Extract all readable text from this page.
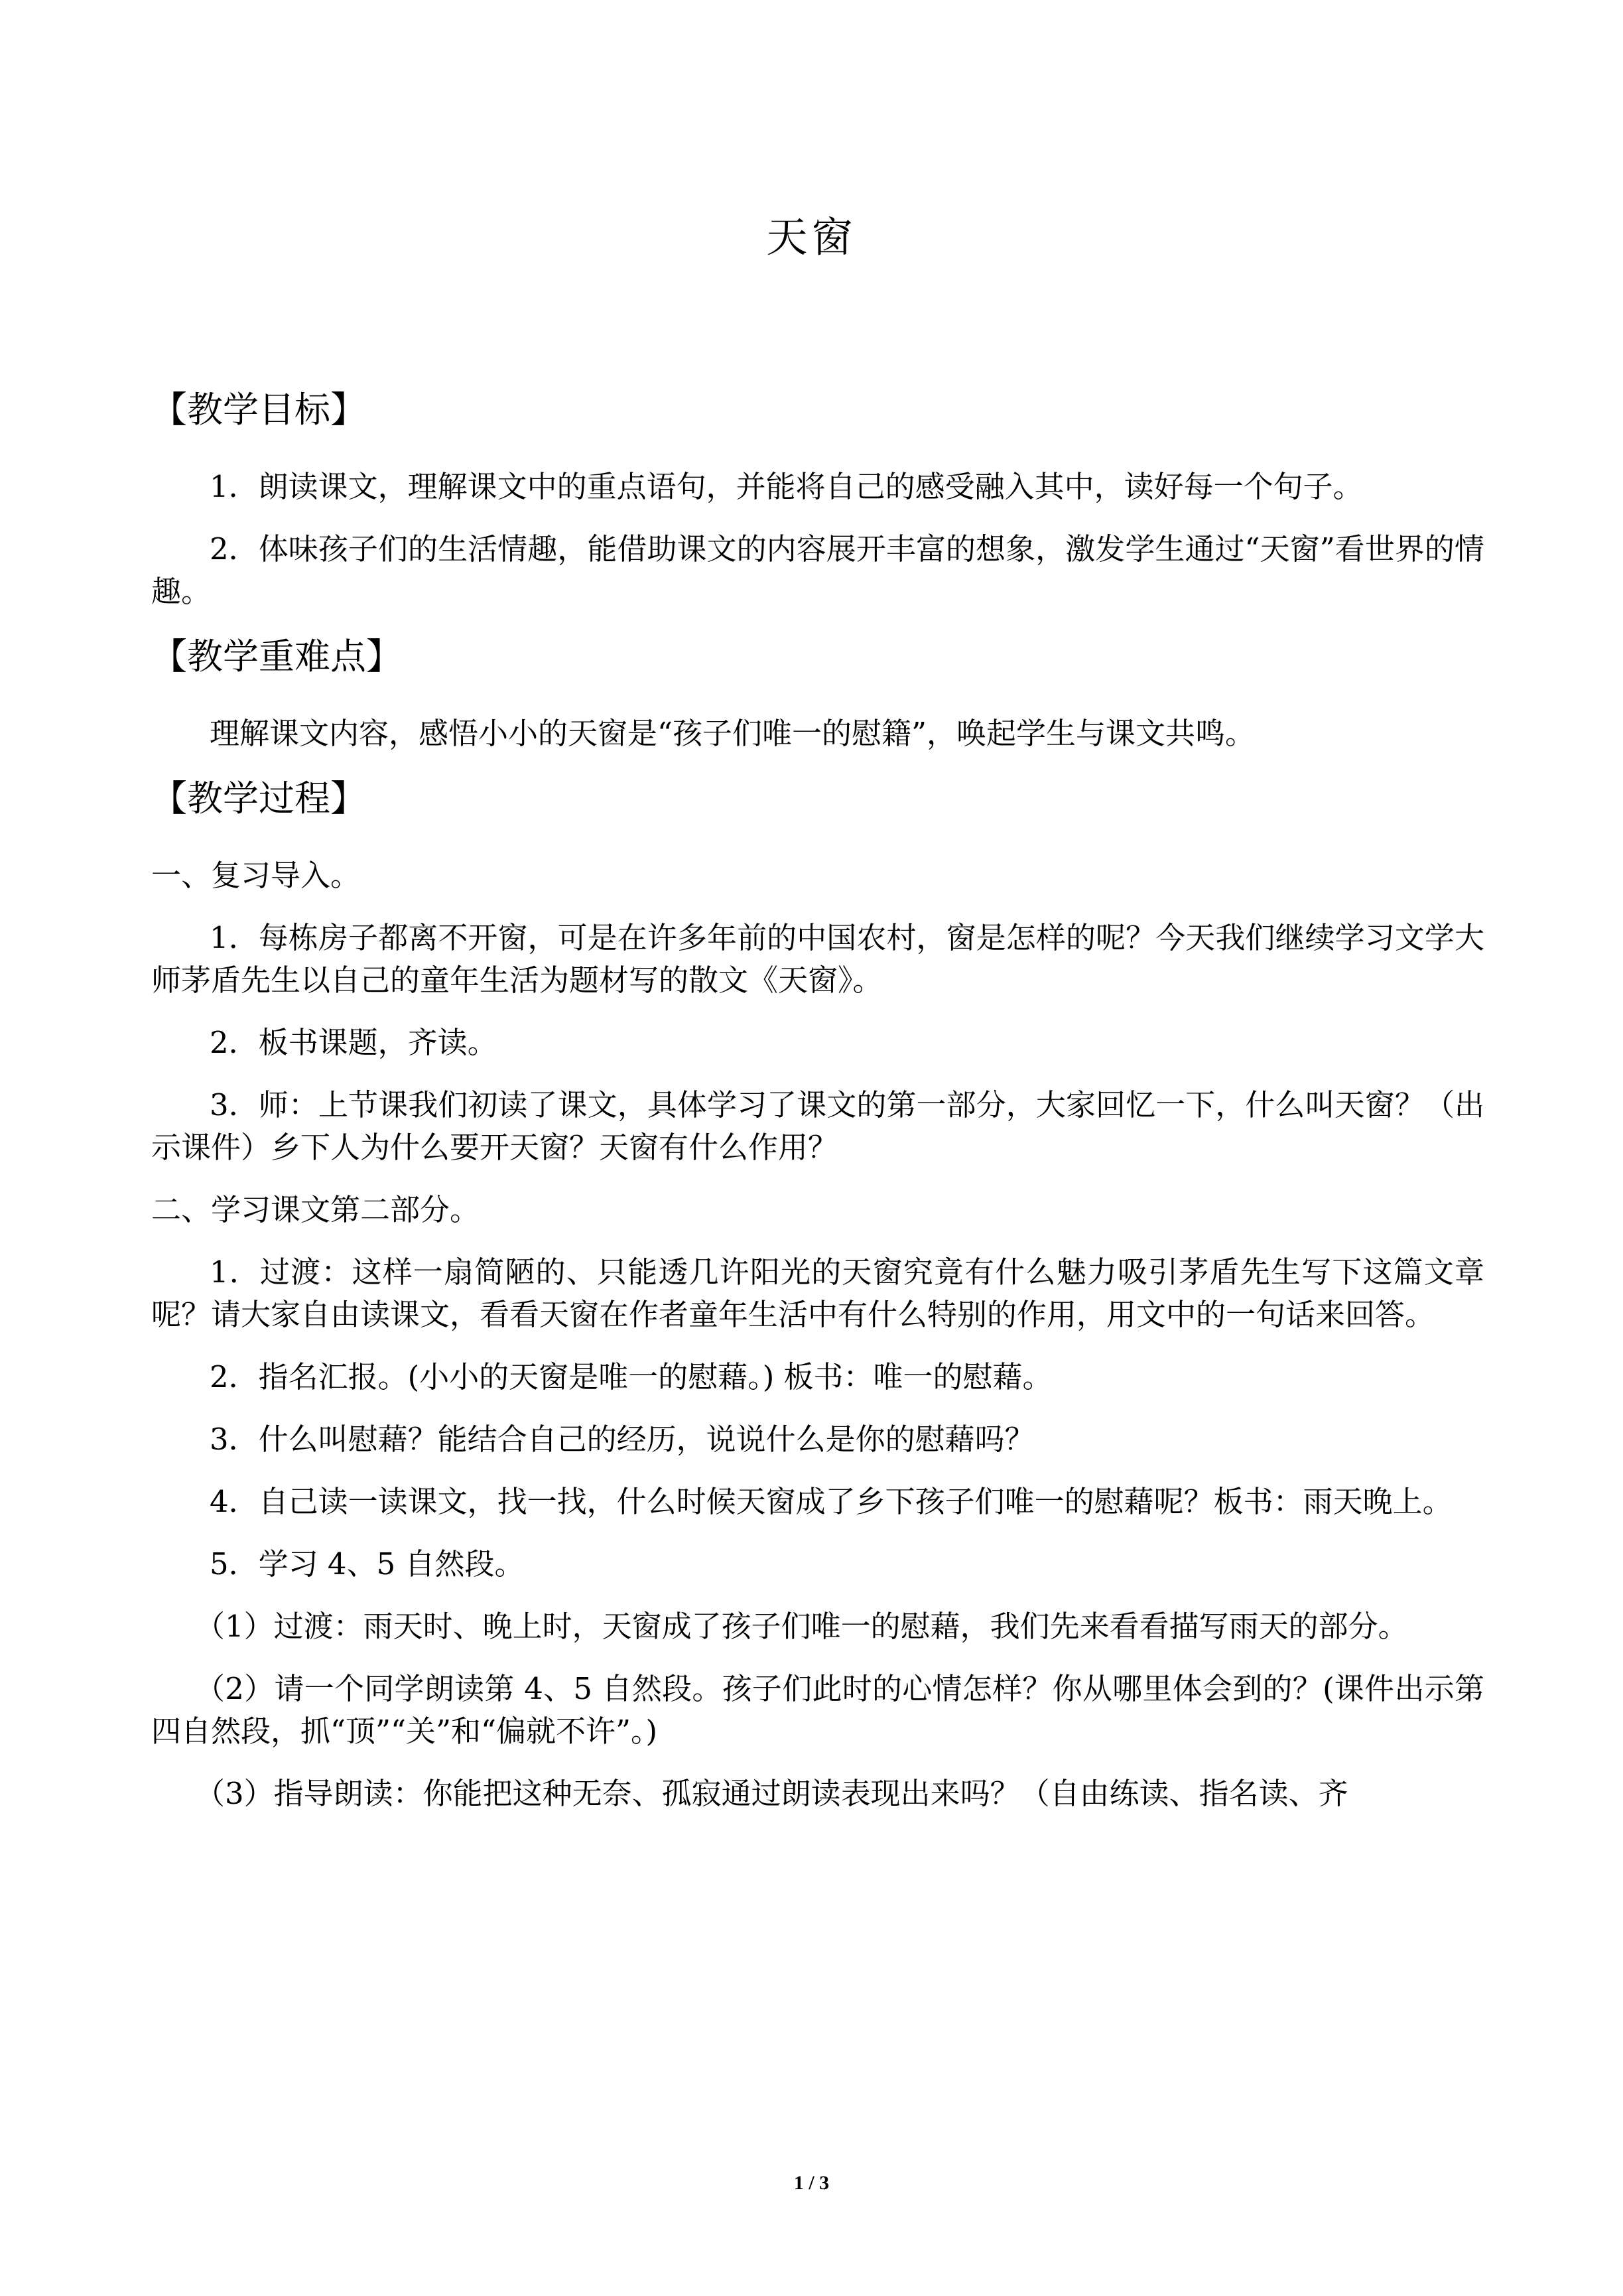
天窗

【教学目标】

1．朗读课文，理解课文中的重点语句，并能将自己的感受融入其中，读好每一个句子。

2．体味孩子们的生活情趣，能借助课文的内容展开丰富的想象，激发学生通过“天窗”看世界的情趣。

【教学重难点】

理解课文内容，感悟小小的天窗是“孩子们唯一的慰籍”，唤起学生与课文共鸣。

【教学过程】

一、复习导入。

1．每栋房子都离不开窗，可是在许多年前的中国农村，窗是怎样的呢？今天我们继续学习文学大师茅盾先生以自己的童年生活为题材写的散文《天窗》。

2．板书课题，齐读。

3．师：上节课我们初读了课文，具体学习了课文的第一部分，大家回忆一下，什么叫天窗？（出示课件）乡下人为什么要开天窗？天窗有什么作用？

二、学习课文第二部分。

1．过渡：这样一扇简陋的、只能透几许阳光的天窗究竟有什么魅力吸引茅盾先生写下这篇文章呢？请大家自由读课文，看看天窗在作者童年生活中有什么特别的作用，用文中的一句话来回答。

2．指名汇报。(小小的天窗是唯一的慰藉。) 板书：唯一的慰藉。

3．什么叫慰藉？能结合自己的经历，说说什么是你的慰藉吗？

4．自己读一读课文，找一找，什么时候天窗成了乡下孩子们唯一的慰藉呢？板书：雨天晚上。

5．学习 4、5 自然段。

（1）过渡：雨天时、晚上时，天窗成了孩子们唯一的慰藉，我们先来看看描写雨天的部分。

（2）请一个同学朗读第 4、5 自然段。孩子们此时的心情怎样？你从哪里体会到的？(课件出示第四自然段，抓“顶”“关”和“偏就不许”。)

（3）指导朗读：你能把这种无奈、孤寂通过朗读表现出来吗？（自由练读、指名读、齐

1 / 3
